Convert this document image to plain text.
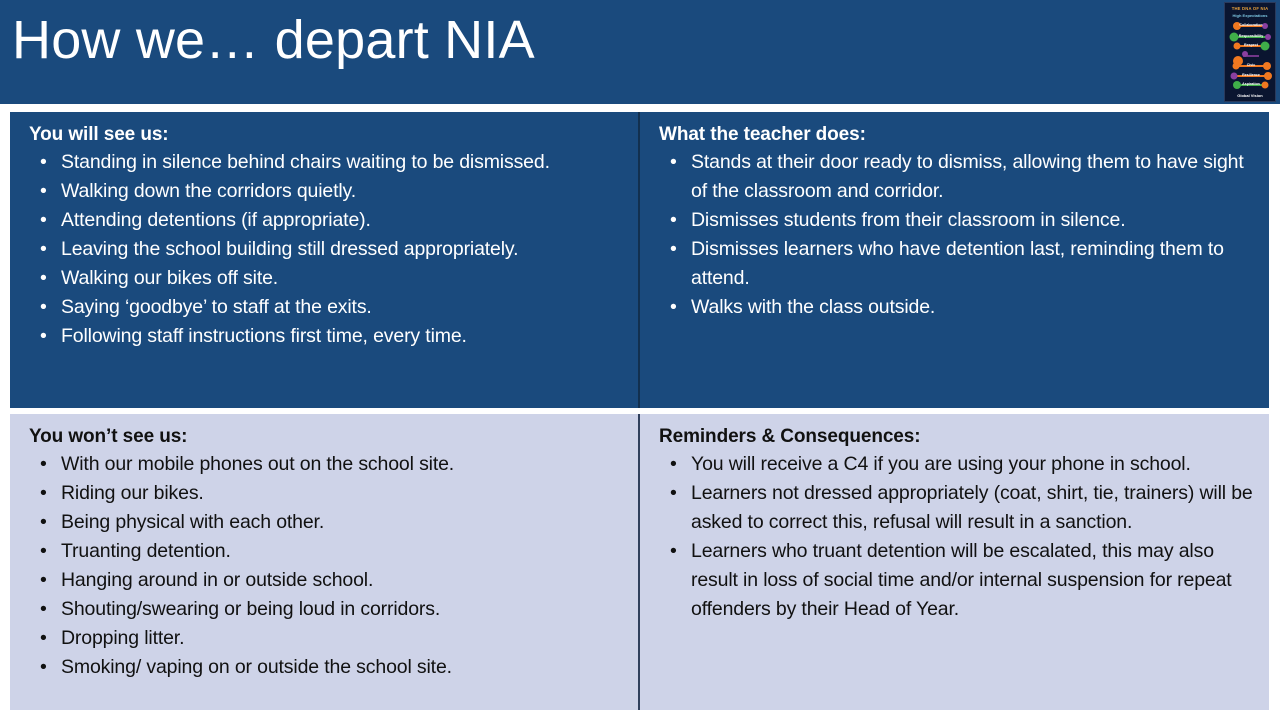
How we… depart NIA
THE DNA OF NIA
High Expectations
Collaboration
Responsibility
Respect
Civic
Resilience
Aspiration
Global Vision
You will see us:
• Standing in silence behind chairs waiting to be dismissed.
• Walking down the corridors quietly.
• Attending detentions (if appropriate).
• Leaving the school building still dressed appropriately.
• Walking our bikes off site.
• Saying ‘goodbye’ to staff at the exits.
• Following staff instructions first time, every time.
What the teacher does:
• Stands at their door ready to dismiss, allowing them to have sight of the classroom and corridor.
• Dismisses students from their classroom in silence.
• Dismisses learners who have detention last, reminding them to attend.
• Walks with the class outside.
You won’t see us:
• With our mobile phones out on the school site.
• Riding our bikes.
• Being physical with each other.
• Truanting detention.
• Hanging around in or outside school.
• Shouting/swearing or being loud in corridors.
• Dropping litter.
• Smoking/ vaping on or outside the school site.
Reminders & Consequences:
• You will receive a C4 if you are using your phone in school.
• Learners not dressed appropriately (coat, shirt, tie, trainers) will be asked to correct this, refusal will result in a sanction.
• Learners who truant detention will be escalated, this may also result in loss of social time and/or internal suspension for repeat offenders by their Head of Year.
